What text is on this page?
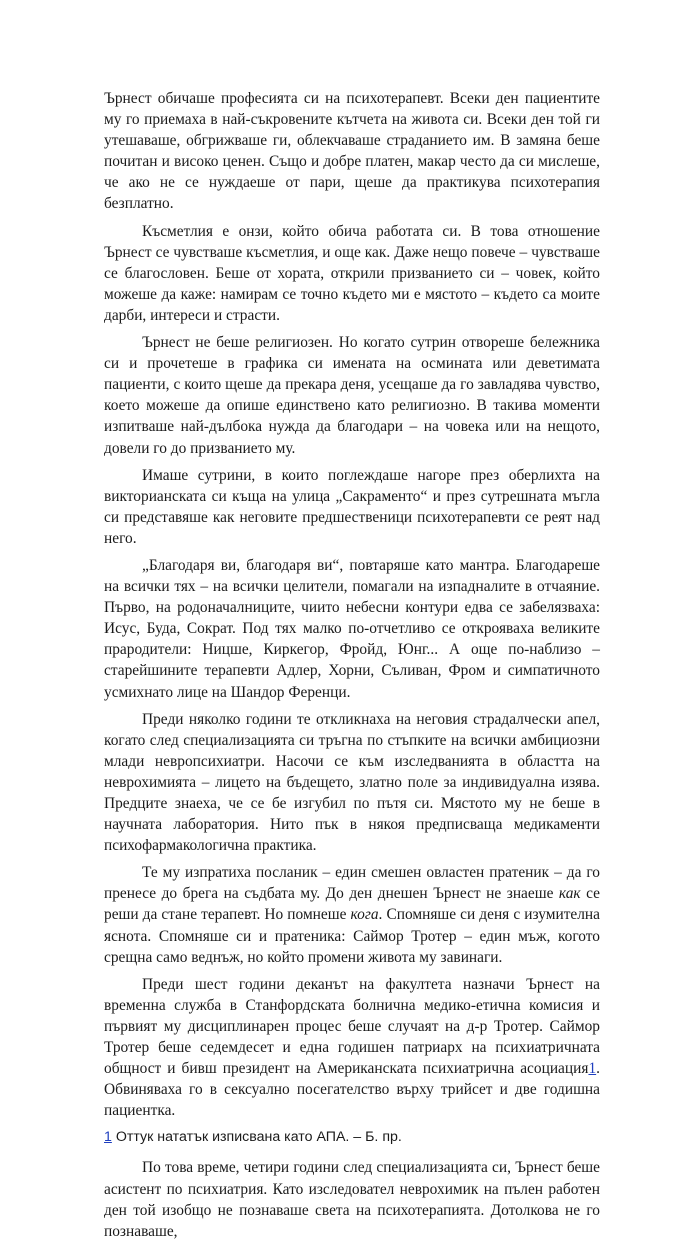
Ърнест обичаше професията си на психотерапевт. Всеки ден пациентите му го приемаха в най-съкровените кътчета на живота си. Всеки ден той ги утешаваше, обгрижваше ги, облекчаваше страданието им. В замяна беше почитан и високо ценен. Също и добре платен, макар често да си мислеше, че ако не се нуждаеше от пари, щеше да практикува психотерапия безплатно.

Късметлия е онзи, който обича работата си. В това отношение Ърнест се чувстваше късметлия, и още как. Даже нещо повече – чувстваше се благословен. Беше от хората, открили призванието си – човек, който можеше да каже: намирам се точно където ми е мястото – където са моите дарби, интереси и страсти.

Ърнест не беше религиозен. Но когато сутрин отвореше бележника си и прочетеше в графика си имената на осмината или деветимата пациенти, с които щеше да прекара деня, усещаше да го завладява чувство, което можеше да опише единствено като религиозно. В такива моменти изпитваше най-дълбока нужда да благодари – на човека или на нещото, довели го до призванието му.

Имаше сутрини, в които поглеждаше нагоре през оберлихта на викторианската си къща на улица „Сакраменто“ и през сутрешната мъгла си представяше как неговите предшественици психотерапевти се реят над него.

„Благодаря ви, благодаря ви“, повтаряше като мантра. Благодареше на всички тях – на всички целители, помагали на изпадналите в отчаяние. Първо, на родоначалниците, чиито небесни контури едва се забелязваха: Исус, Буда, Сократ. Под тях малко по-отчетливо се открояваха великите прародители: Ницше, Киркегор, Фройд, Юнг... А още по-наблизо – старейшините терапевти Адлер, Хорни, Съливан, Фром и симпатичното усмихнато лице на Шандор Ференци.

Преди няколко години те откликнаха на неговия страдалчески апел, когато след специализацията си тръгна по стъпките на всички амбициозни млади невропсихиатри. Насочи се към изследванията в областта на неврохимията – лицето на бъдещето, златно поле за индивидуална изява. Предците знаеха, че се бе изгубил по пътя си. Мястото му не беше в научната лаборатория. Нито пък в някоя предписваща медикаменти психофармакологична практика.

Те му изпратиха посланик – един смешен овластен пратеник – да го пренесе до брега на съдбата му. До ден днешен Ърнест не знаеше как се реши да стане терапевт. Но помнеше кога. Спомняше си деня с изумителна яснота. Спомняше си и пратеника: Саймор Тротер – един мъж, когото срещна само веднъж, но който промени живота му завинаги.

Преди шест години деканът на факултета назначи Ърнест на временна служба в Станфордската болнична медико-етична комисия и първият му дисциплинарен процес беше случаят на д-р Тротер. Саймор Тротер беше седемдесет и една годишен патриарх на психиатричната общност и бивш президент на Американската психиатрична асоциация1. Обвиняваха го в сексуално посегателство върху трийсет и две годишна пациентка.

1 Оттук нататък изписвана като АПА. – Б. пр.

По това време, четири години след специализацията си, Ърнест беше асистент по психиатрия. Като изследовател неврохимик на пълен работен ден той изобщо не познаваше света на психотерапията. Дотолкова не го познаваше,
